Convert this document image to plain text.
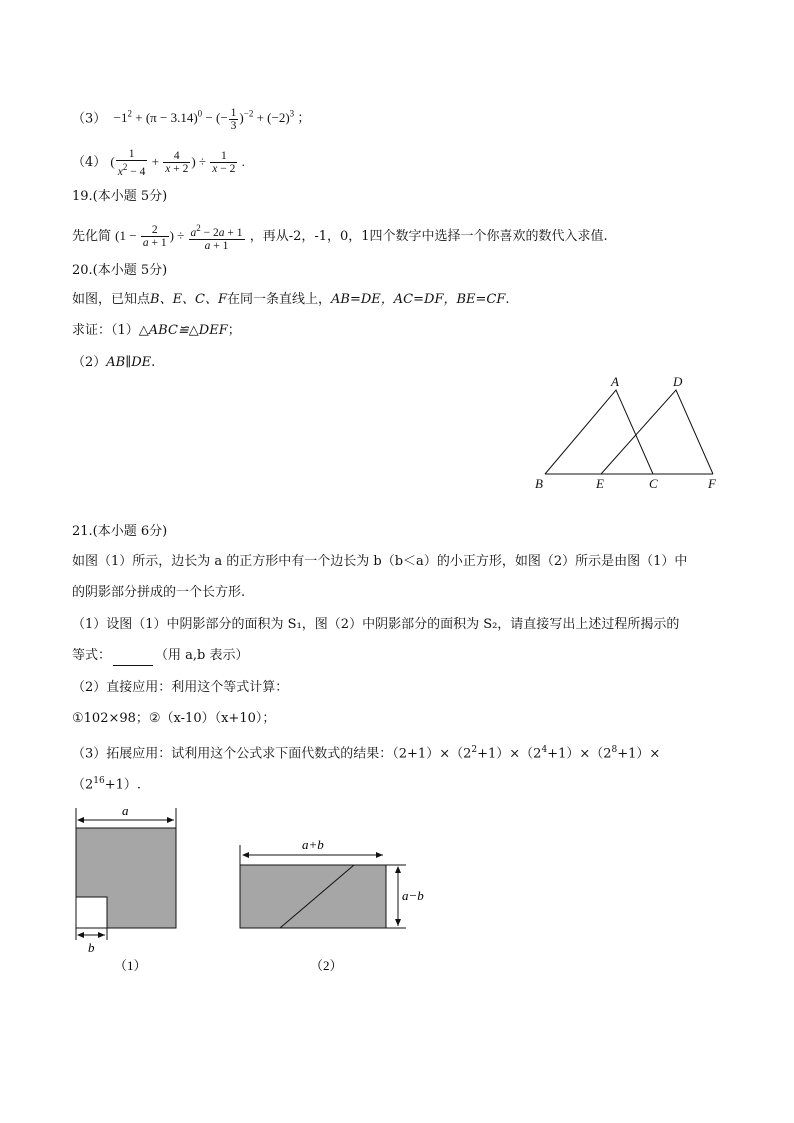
$(3) -1^2 + (\pi - 3.14)^0$ − (− $\frac{1}{3} )^{-2} + (-2)^3$ ；
（4） ( $\frac{1}{x^2 - 4} + \frac{4}{x + 2}$ ) ÷ $\frac{1}{x - 2}$ .
19.(本小题 5分)
先化简 ($1 - \frac{2}{a + 1}$ ) ÷ $\frac{a^2 - 2a + 1}{a + 1}$ ，再从-2，-1，0，1四个数字中选择一个你喜欢的数代入求值.
20.(本小题 5分)
如图，已知点B、E、C、F在同一条直线上，AB=DE，AC=DF，BE=CF.
求证：（1）△ABC≌△DEF；
（2）AB∥DE.
A	D
B	E	C	F
21.(本小题 6分)
如图（1）所示，边长为 a 的正方形中有一个边长为 b（b＜a）的小正方形，如图（2）所示是由图（1）中
的阴影部分拼成的一个长方形.
（1）设图（1）中阴影部分的面积为 S₁，图（2）中阴影部分的面积为 S₂，请直接写出上述过程所揭示的
等式：	（用 a,b 表示）
（2）直接应用：利用这个等式计算：
①102×98；②（x-10）（x+10）；
（3）拓展应用：试利用这个公式求下面代数式的结果：$(2+1)\times(2^2+1)\times(2^4+1)\times(2^8+1)\times$
$(2^{16}+1)$.
a
b
（1）
a+b
a−b
（2）
